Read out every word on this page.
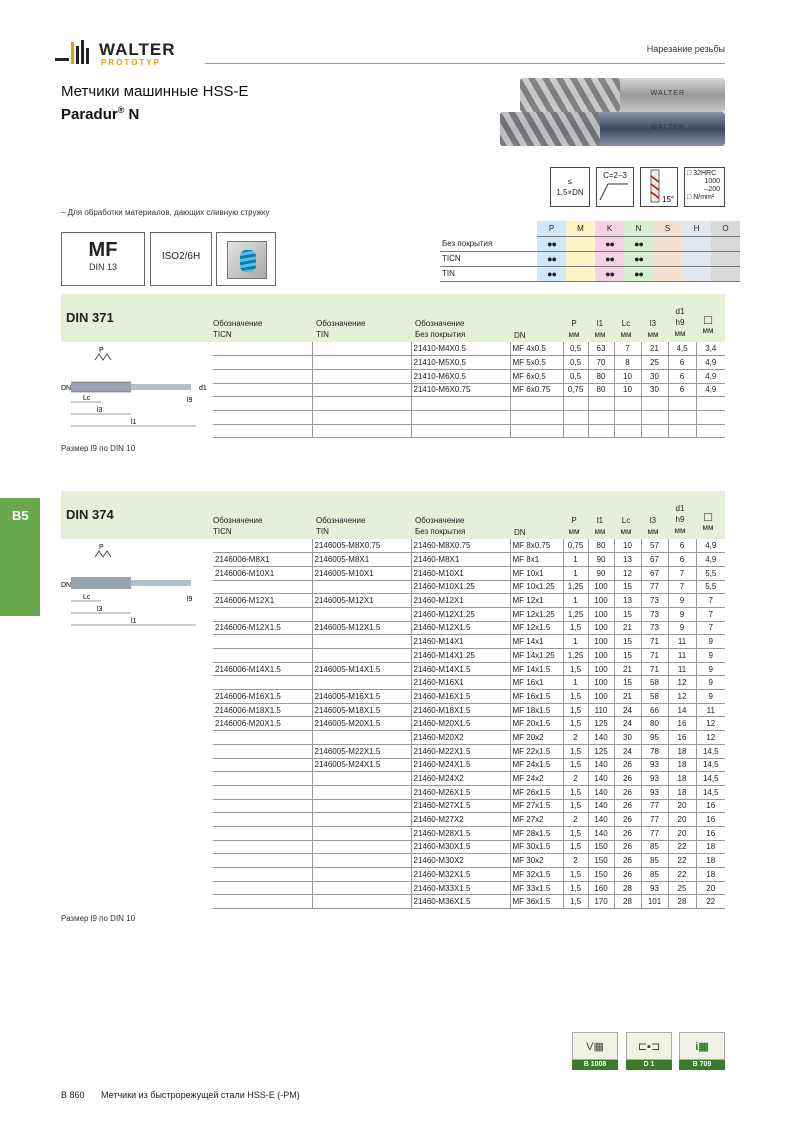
WALTER
PROTOTYP
Нарезание резьбы
Метчики машинные HSS-E
Paradur® N
WALTER
WALTER
≤
1,5×DN
C=2–3
15°
□ 32HRC
1000
–200
□ N/mm²
– Для обработки материалов, дающих сливную стружку
MF
DIN 13
ISO2/6H
	P	M	K	N	S	H	O
Без покрытия	●●		●●	●●			
TICN	●●		●●	●●			
TIN	●●		●●	●●			
DIN 371	Обозначение
TICN
Обозначение
TIN
Обозначение
Без покрытия	DN
P
мм
l1
мм
Lc
мм
l3
мм
d1
h9
мм
□
мм
P
DN	d1
Lc
l3
l1
l9
		21410-M4X0.5	MF 4x0.5	0,5	63	7	21	4,5	3,4
		21410-M5X0.5	MF 5x0.5	0,5	70	8	25	6	4,9
		21410-M6X0.5	MF 6x0.5	0,5	80	10	30	6	4,9
		21410-M6X0.75	MF 6x0.75	0,75	80	10	30	6	4,9

Размер l9 по DIN 10
B5	DIN 374	Обозначение
TICN
Обозначение
TIN
Обозначение
Без покрытия	DN
P
мм
l1
мм
Lc
мм
l3
мм
d1
h9
мм
□
мм
P
DN
Lc
l3
l1
l9
	2146005-M8X0.75	21460-M8X0.75	MF 8x0.75	0,75	80	10	57	6	4,9
2146006-M8X1	2146005-M8X1	21460-M8X1	MF 8x1	1	90	13	67	6	4,9
2146006-M10X1	2146005-M10X1	21460-M10X1	MF 10x1	1	90	12	67	7	5,5
		21460-M10X1.25	MF 10x1.25	1,25	100	15	77	7	5,5
2146006-M12X1	2146005-M12X1	21460-M12X1	MF 12x1	1	100	13	73	9	7
		21460-M12X1.25	MF 12x1.25	1,25	100	15	73	9	7
2146006-M12X1.5	2146005-M12X1.5	21460-M12X1.5	MF 12x1.5	1,5	100	21	73	9	7
		21460-M14X1	MF 14x1	1	100	15	71	11	9
		21460-M14X1.25	MF 14x1.25	1,25	100	15	71	11	9
2146006-M14X1.5	2146005-M14X1.5	21460-M14X1.5	MF 14x1.5	1,5	100	21	71	11	9
		21460-M16X1	MF 16x1	1	100	15	58	12	9
2146006-M16X1.5	2146005-M16X1.5	21460-M16X1.5	MF 16x1.5	1,5	100	21	58	12	9
2146006-M18X1.5	2146005-M18X1.5	21460-M18X1.5	MF 18x1.5	1,5	110	24	66	14	11
2146006-M20X1.5	2146005-M20X1.5	21460-M20X1.5	MF 20x1.5	1,5	125	24	80	16	12
		21460-M20X2	MF 20x2	2	140	30	95	16	12
	2146005-M22X1.5	21460-M22X1.5	MF 22x1.5	1,5	125	24	78	18	14,5
	2146005-M24X1.5	21460-M24X1.5	MF 24x1.5	1,5	140	26	93	18	14,5
		21460-M24X2	MF 24x2	2	140	26	93	18	14,5
		21460-M26X1.5	MF 26x1.5	1,5	140	26	93	18	14,5
		21460-M27X1.5	MF 27x1.5	1,5	140	26	77	20	16
		21460-M27X2	MF 27x2	2	140	26	77	20	16
		21460-M28X1.5	MF 28x1.5	1,5	140	26	77	20	16
		21460-M30X1.5	MF 30x1.5	1,5	150	26	85	22	18
		21460-M30X2	MF 30x2	2	150	26	85	22	18
		21460-M32X1.5	MF 32x1.5	1,5	150	26	85	22	18
		21460-M33X1.5	MF 33x1.5	1,5	160	28	93	25	20
		21460-M36X1.5	MF 36x1.5	1,5	170	28	101	28	22
Размер l9 по DIN 10
V▦
B 1008
⊏▪⊐
D 1
i▦
B 709
B 860 Метчики из быстрорежущей стали HSS-E (-PM)
